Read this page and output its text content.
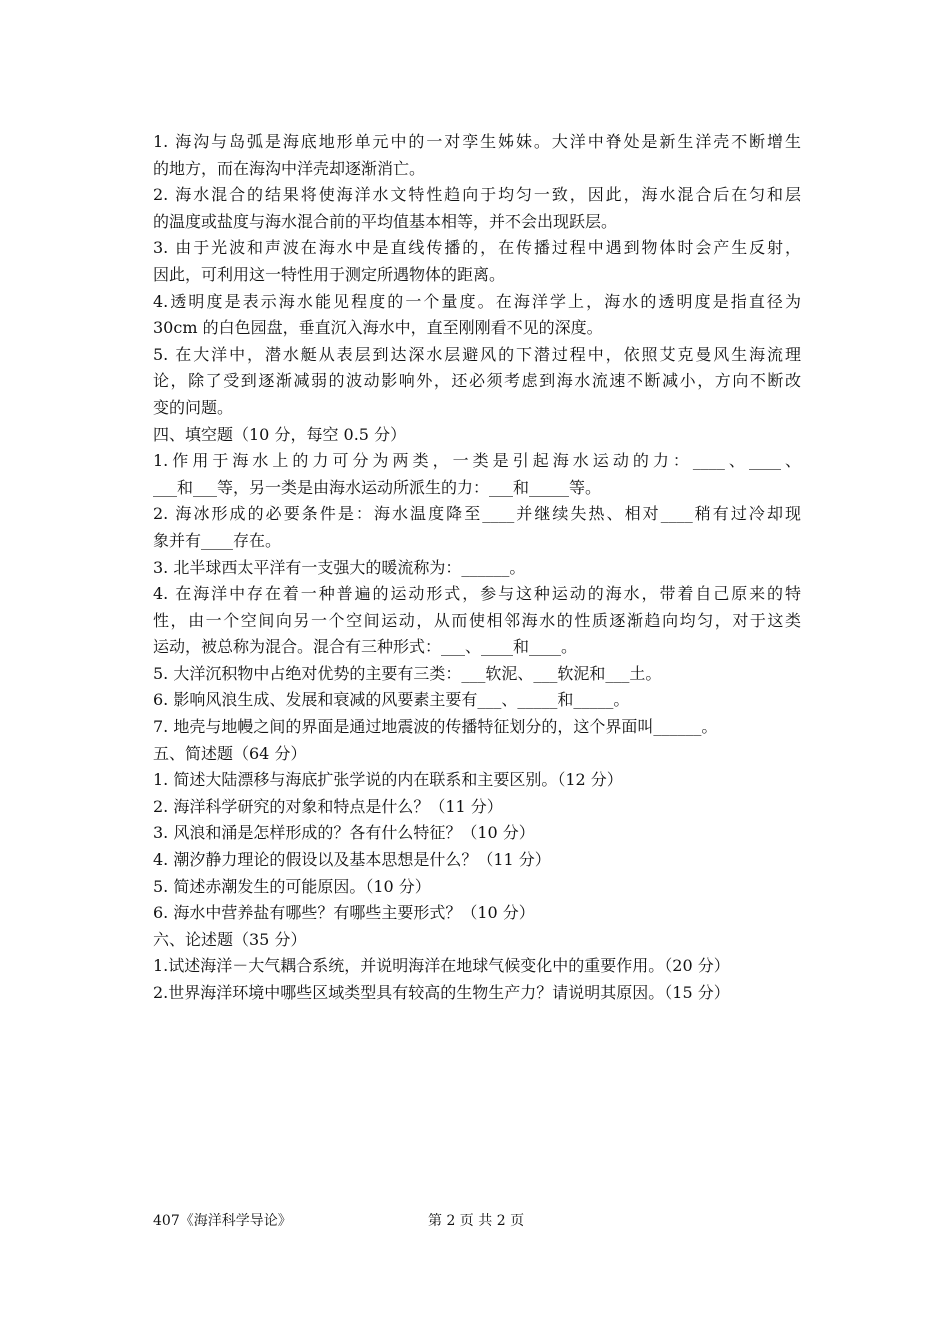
1. 海沟与岛弧是海底地形单元中的一对孪生姊妹。大洋中脊处是新生洋壳不断增生
的地方，而在海沟中洋壳却逐渐消亡。
2. 海水混合的结果将使海洋水文特性趋向于均匀一致，因此，海水混合后在匀和层
的温度或盐度与海水混合前的平均值基本相等，并不会出现跃层。
3. 由于光波和声波在海水中是直线传播的，在传播过程中遇到物体时会产生反射，
因此，可利用这一特性用于测定所遇物体的距离。
4.透明度是表示海水能见程度的一个量度。在海洋学上，海水的透明度是指直径为
30cm 的白色园盘，垂直沉入海水中，直至刚刚看不见的深度。
5. 在大洋中，潜水艇从表层到达深水层避风的下潜过程中，依照艾克曼风生海流理
论，除了受到逐渐减弱的波动影响外，还必须考虑到海水流速不断减小，方向不断改
变的问题。
四、填空题（10 分，每空 0.5 分）
1.作用于海水上的力可分为两类，一类是引起海水运动的力：____、____、
___和___等，另一类是由海水运动所派生的力：___和_____等。
2. 海冰形成的必要条件是：海水温度降至____并继续失热、相对____稍有过冷却现
象并有____存在。
3. 北半球西太平洋有一支强大的暖流称为：______。
4. 在海洋中存在着一种普遍的运动形式，参与这种运动的海水，带着自己原来的特
性，由一个空间向另一个空间运动，从而使相邻海水的性质逐渐趋向均匀，对于这类
运动，被总称为混合。混合有三种形式：___、____和____。
5. 大洋沉积物中占绝对优势的主要有三类：___软泥、___软泥和___土。
6. 影响风浪生成、发展和衰减的风要素主要有___、_____和_____。
7. 地壳与地幔之间的界面是通过地震波的传播特征划分的，这个界面叫______。
五、简述题（64 分）
1. 简述大陆漂移与海底扩张学说的内在联系和主要区别。（12 分）
2. 海洋科学研究的对象和特点是什么？（11 分）
3. 风浪和涌是怎样形成的？各有什么特征？（10 分）
4. 潮汐静力理论的假设以及基本思想是什么？（11 分）
5. 简述赤潮发生的可能原因。（10 分）
6. 海水中营养盐有哪些？有哪些主要形式？（10 分）
六、论述题（35 分）
1.试述海洋－大气耦合系统，并说明海洋在地球气候变化中的重要作用。（20 分）
2.世界海洋环境中哪些区域类型具有较高的生物生产力？请说明其原因。（15 分）
407《海洋科学导论》	第 2 页 共 2 页
